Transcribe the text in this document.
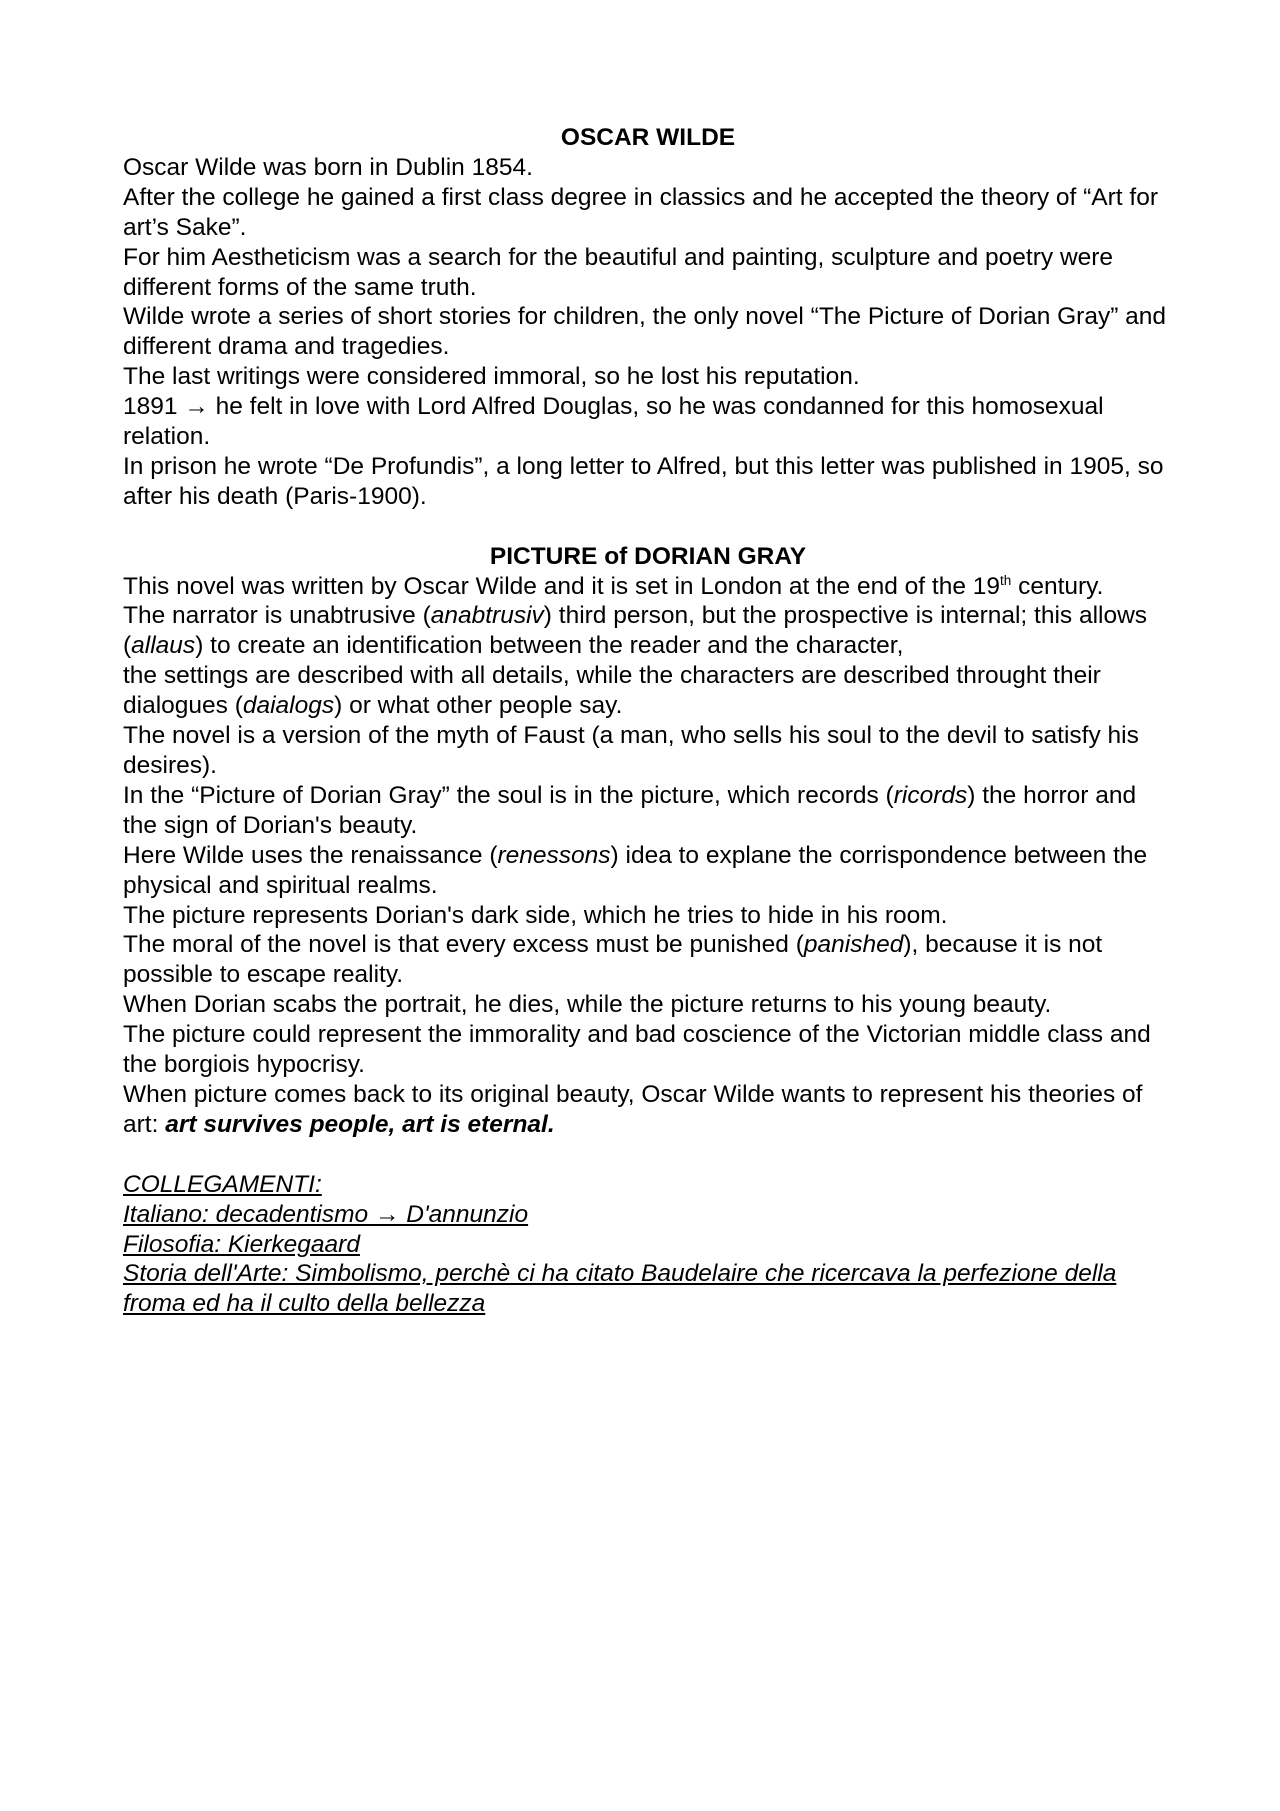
OSCAR WILDE

Oscar Wilde was born in Dublin 1854.

After the college he gained a first class degree in classics and he accepted the theory of “Art for art’s Sake”.

For him Aestheticism was a search for the beautiful and painting, sculpture and poetry were different forms of the same truth.

Wilde wrote a series of short stories for children, the only novel “The Picture of Dorian Gray” and different drama and tragedies.

The last writings were considered immoral, so he lost his reputation.

1891 → he felt in love with Lord Alfred Douglas, so he was condanned for this homosexual relation.

In prison he wrote “De Profundis”, a long letter to Alfred, but this letter was published in 1905, so after his death (Paris-1900).

PICTURE of DORIAN GRAY

This novel was written by Oscar Wilde and it is set in London at the end of the 19th century.

The narrator is unabtrusive (anabtrusiv) third person, but the prospective is internal; this allows (allaus) to create an identification between the reader and the character,

the settings are described with all details, while the characters are described throught their dialogues (daialogs) or what other people say.

The novel is a version of the myth of Faust (a man, who sells his soul to the devil to satisfy his desires).

In the “Picture of Dorian Gray” the soul is in the picture, which records (ricords) the horror and the sign of Dorian's beauty.

Here Wilde uses the renaissance (renessons) idea to explane the corrispondence between the physical and spiritual realms.

The picture represents Dorian's dark side, which he tries to hide in his room.

The moral of the novel is that every excess must be punished (panished), because it is not possible to escape reality.

When Dorian scabs the portrait, he dies, while the picture returns to his young beauty.

The picture could represent the immorality and bad coscience of the Victorian middle class and the borgiois hypocrisy.

When picture comes back to its original beauty, Oscar Wilde wants to represent his theories of art: art survives people, art is eternal.

COLLEGAMENTI:

Italiano: decadentismo → D'annunzio

Filosofia: Kierkegaard

Storia dell'Arte: Simbolismo, perchè ci ha citato Baudelaire che ricercava la perfezione della froma ed ha il culto della bellezza
